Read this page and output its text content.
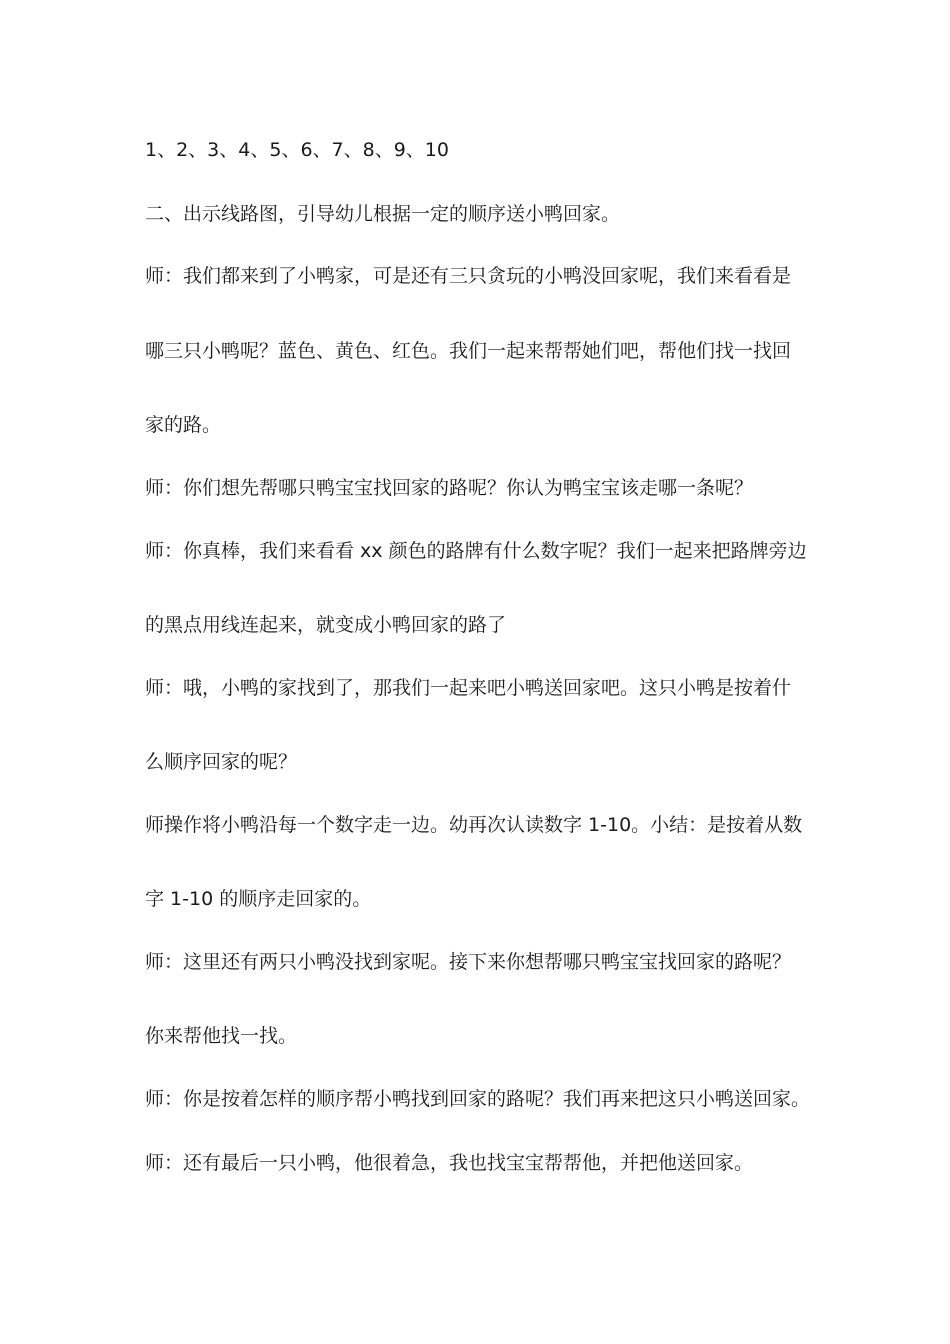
1、2、3、4、5、6、7、8、9、10

二、出示线路图，引导幼儿根据一定的顺序送小鸭回家。

师：我们都来到了小鸭家，可是还有三只贪玩的小鸭没回家呢，我们来看看是

哪三只小鸭呢？蓝色、黄色、红色。我们一起来帮帮她们吧，帮他们找一找回

家的路。

师：你们想先帮哪只鸭宝宝找回家的路呢？你认为鸭宝宝该走哪一条呢？

师：你真棒，我们来看看 xx 颜色的路牌有什么数字呢？我们一起来把路牌旁边

的黑点用线连起来，就变成小鸭回家的路了

师：哦，小鸭的家找到了，那我们一起来吧小鸭送回家吧。这只小鸭是按着什

么顺序回家的呢？

师操作将小鸭沿每一个数字走一边。幼再次认读数字 1-10。小结：是按着从数

字 1-10 的顺序走回家的。

师：这里还有两只小鸭没找到家呢。接下来你想帮哪只鸭宝宝找回家的路呢？

你来帮他找一找。

师：你是按着怎样的顺序帮小鸭找到回家的路呢？我们再来把这只小鸭送回家。

师：还有最后一只小鸭，他很着急，我也找宝宝帮帮他，并把他送回家。
